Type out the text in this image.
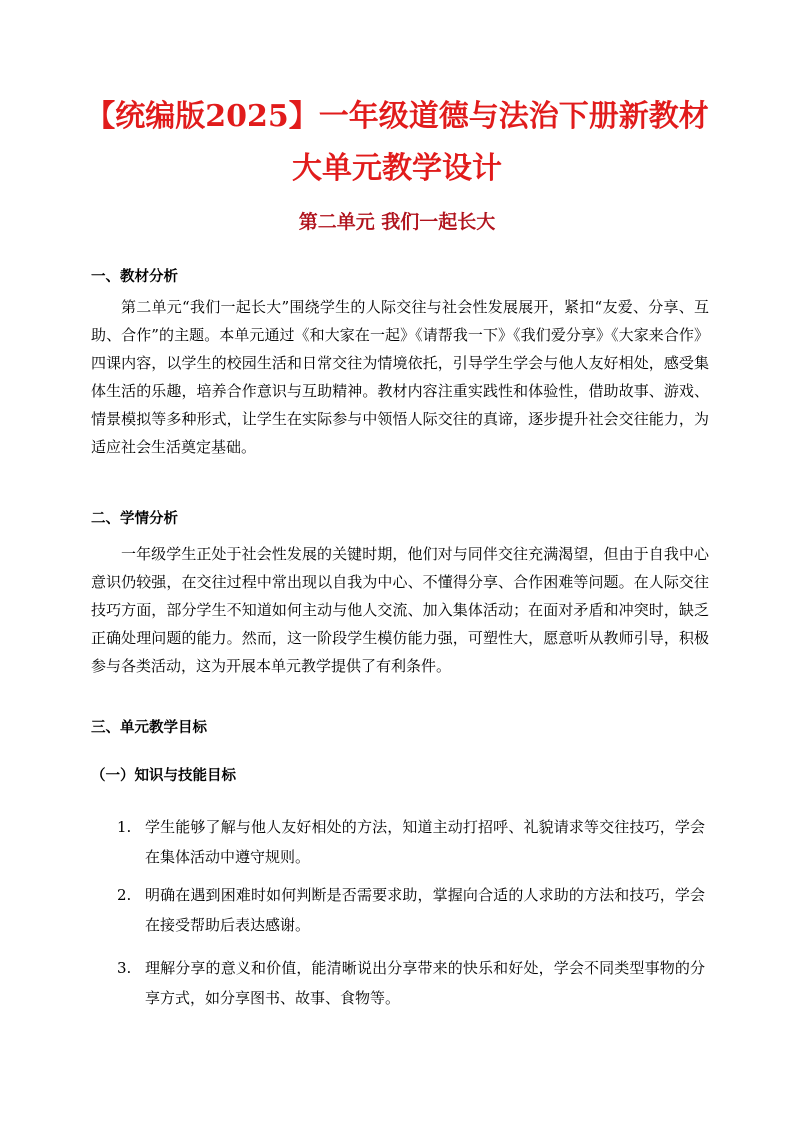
【统编版2025】一年级道德与法治下册新教材
大单元教学设计
第二单元 我们一起长大
一、教材分析

第二单元“我们一起长大”围绕学生的人际交往与社会性发展展开，紧扣“友爱、分享、互助、合作”的主题。本单元通过《和大家在一起》《请帮我一下》《我们爱分享》《大家来合作》四课内容，以学生的校园生活和日常交往为情境依托，引导学生学会与他人友好相处，感受集体生活的乐趣，培养合作意识与互助精神。教材内容注重实践性和体验性，借助故事、游戏、情景模拟等多种形式，让学生在实际参与中领悟人际交往的真谛，逐步提升社会交往能力，为适应社会生活奠定基础。

二、学情分析

一年级学生正处于社会性发展的关键时期，他们对与同伴交往充满渴望，但由于自我中心意识仍较强，在交往过程中常出现以自我为中心、不懂得分享、合作困难等问题。在人际交往技巧方面，部分学生不知道如何主动与他人交流、加入集体活动；在面对矛盾和冲突时，缺乏正确处理问题的能力。然而，这一阶段学生模仿能力强，可塑性大，愿意听从教师引导，积极参与各类活动，这为开展本单元教学提供了有利条件。

三、单元教学目标
（一）知识与技能目标
1. 学生能够了解与他人友好相处的方法，知道主动打招呼、礼貌请求等交往技巧，学会在集体活动中遵守规则。
2. 明确在遇到困难时如何判断是否需要求助，掌握向合适的人求助的方法和技巧，学会在接受帮助后表达感谢。
3. 理解分享的意义和价值，能清晰说出分享带来的快乐和好处，学会不同类型事物的分享方式，如分享图书、故事、食物等。
